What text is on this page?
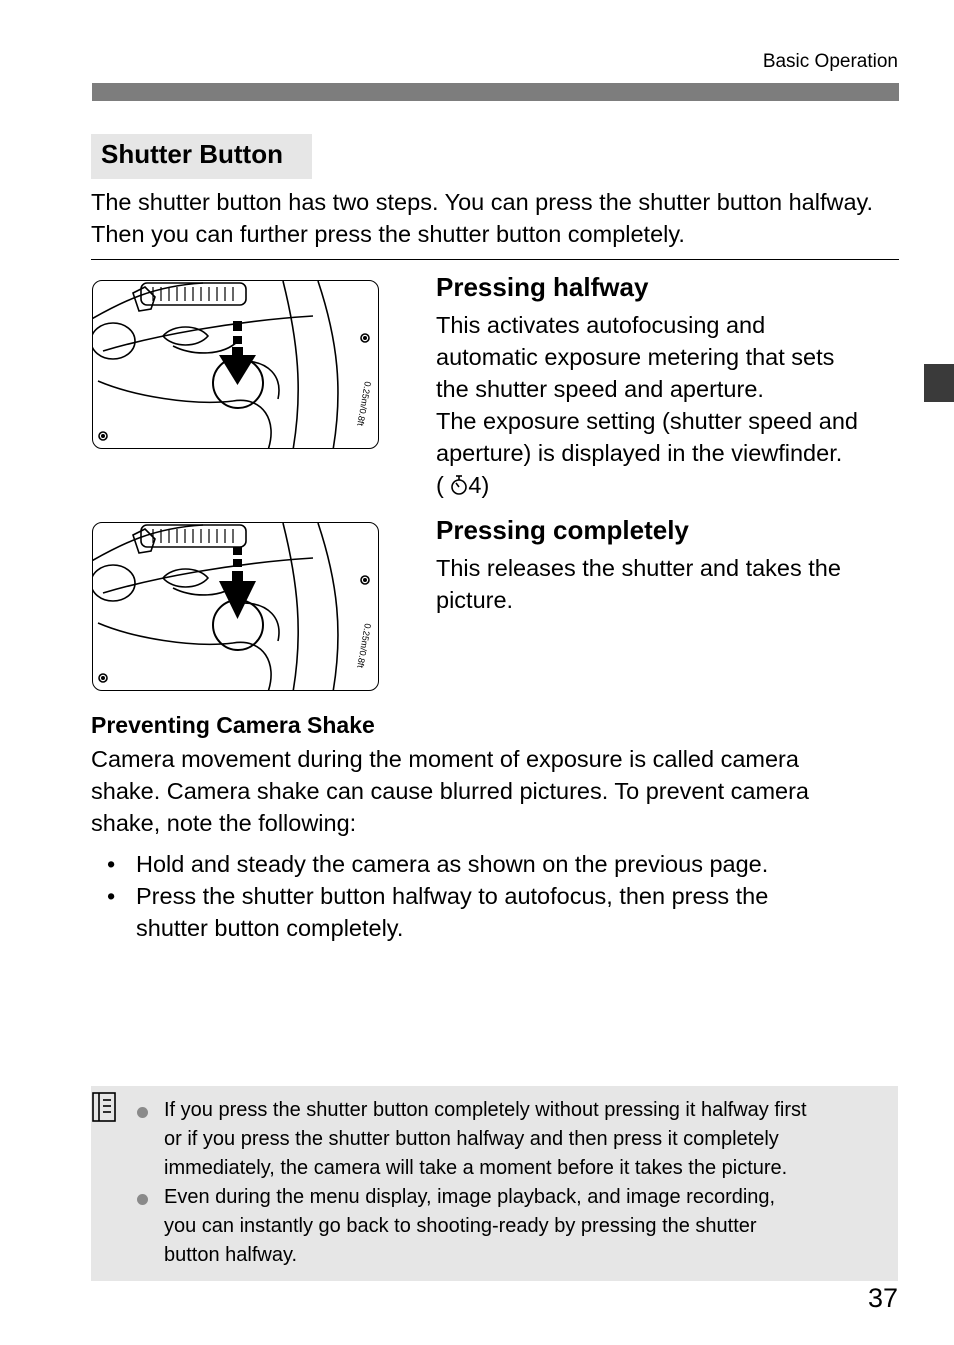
Basic Operation
Shutter Button
The shutter button has two steps. You can press the shutter button halfway. Then you can further press the shutter button completely.
0.25m/0.8ft
Pressing halfway
This activates autofocusing and
automatic exposure metering that sets
the shutter speed and aperture.
The exposure setting (shutter speed and
aperture) is displayed in the viewfinder.
( 4)
0.25m/0.8ft
Pressing completely
This releases the shutter and takes the
picture.
Preventing Camera Shake
Camera movement during the moment of exposure is called camera
shake. Camera shake can cause blurred pictures. To prevent camera
shake, note the following:
• Hold and steady the camera as shown on the previous page.
• Press the shutter button halfway to autofocus, then press the
shutter button completely.
If you press the shutter button completely without pressing it halfway first
or if you press the shutter button halfway and then press it completely
immediately, the camera will take a moment before it takes the picture.
Even during the menu display, image playback, and image recording,
you can instantly go back to shooting-ready by pressing the shutter
button halfway.
37
